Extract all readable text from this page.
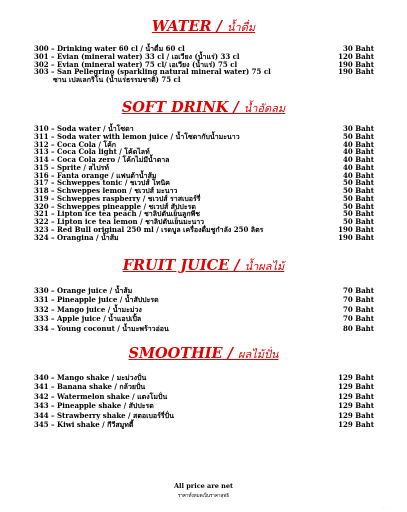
WATER / น้ำดื่ม
300 – Drinking water 60 cl / น้ำดื่ม 60 cl	30 Baht
301 – Evian (mineral water) 33 cl / เอเวียง (น้ำแร่) 33 cl	120 Baht
302 – Evian (mineral water) 75 cl/ เอเวียง (น้ำแร่) 75 cl	190 Baht
303 – San Pellegrino (sparkling natural mineral water) 75 cl	190 Baht
ซาน เปลเลกริโน (น้ำแร่ธรรมชาติ) 75 cl
SOFT DRINK / น้ำอัดลม
310 – Soda water / น้ำโซดา	30 Baht
311 – Soda water with lemon juice / น้ำโซดากับน้ำมะนาว	50 Baht
312 – Coca Cola / โค้ก	40 Baht
313 – Coca Cola light / โค้ดไลท์	40 Baht
314 – Coca Cola zero / โค้กไม่มีน้ำตาล	40 Baht
315 – Sprite / สไปรท์	40 Baht
316 – Fanta orange / แฟนต้าน้ำส้ม	40 Baht
317 – Schweppes tonic / ชเวปส์ โทนิค	50 Baht
318 – Schweppes lemon / ชเวปส์ มะนาว	50 Baht
319 – Schweppes raspberry / ชเวปส์ ราสเบอร์รี่	50 Baht
320 – Schweppes pineapple / ชเวปส์ สัปปะรด	50 Baht
321 – Lipton ice tea peach / ชาลิปตันเย็นลูกพีช	50 Baht
322 – Lipton ice tea lemon / ชาลิปตันเย็นมะนาว	50 Baht
323 – Red Bull original 250 ml / เรดบูล เครื่องดื่มชูกำลัง 250 ลิตร	190 Baht
324 – Orangina / น้ำส้ม	190 Baht
FRUIT JUICE / น้ำผลไม้
330 – Orange juice / น้ำส้ม	70 Baht
331 – Pineapple juice / น้ำสัปปะรด	70 Baht
332 – Mango juice / น้ำมะม่วง	70 Baht
333 – Apple juice / น้ำแอปเปิ้ล	70 Baht
334 – Young coconut / น้ำมะพร้าวอ่อน	80 Baht
SMOOTHIE / ผลไม้ปั่น
340 – Mango shake / มะม่วงปั่น	129 Baht
341 – Banana shake / กล้วยปั่น	129 Baht
342 – Watermelon shake / แตงโมปั่น	129 Baht
343 – Pineapple shake / สัปปะรด	129 Baht
344 – Strawberry shake / สตอเบอร์รี่ปั่น	129 Baht
345 – Kiwi shake / กีวีสมูทตี้	129 Baht
All price are net
ราคาทั้งหมดเป็นราคาสุทธิ
· ·
